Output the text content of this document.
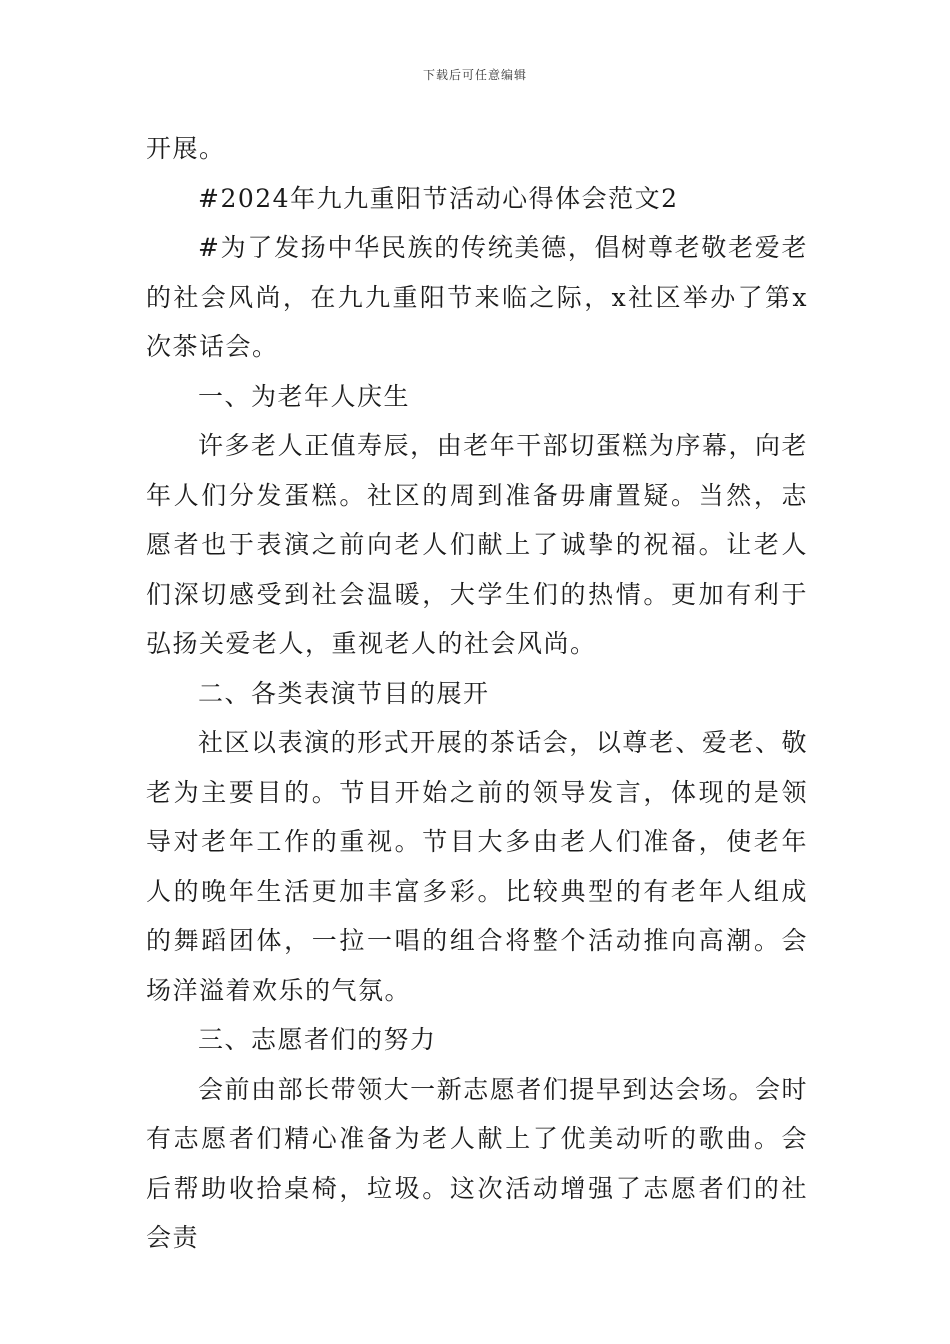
下载后可任意编辑

开展。

#2024年九九重阳节活动心得体会范文2

#为了发扬中华民族的传统美德，倡树尊老敬老爱老的社会风尚，在九九重阳节来临之际，x社区举办了第x次茶话会。

一、为老年人庆生

许多老人正值寿辰，由老年干部切蛋糕为序幕，向老年人们分发蛋糕。社区的周到准备毋庸置疑。当然，志愿者也于表演之前向老人们献上了诚挚的祝福。让老人们深切感受到社会温暖，大学生们的热情。更加有利于弘扬关爱老人，重视老人的社会风尚。

二、各类表演节目的展开

社区以表演的形式开展的茶话会，以尊老、爱老、敬老为主要目的。节目开始之前的领导发言，体现的是领导对老年工作的重视。节目大多由老人们准备，使老年人的晚年生活更加丰富多彩。比较典型的有老年人组成的舞蹈团体，一拉一唱的组合将整个活动推向高潮。会场洋溢着欢乐的气氛。

三、志愿者们的努力

会前由部长带领大一新志愿者们提早到达会场。会时有志愿者们精心准备为老人献上了优美动听的歌曲。会后帮助收拾桌椅，垃圾。这次活动增强了志愿者们的社会责
